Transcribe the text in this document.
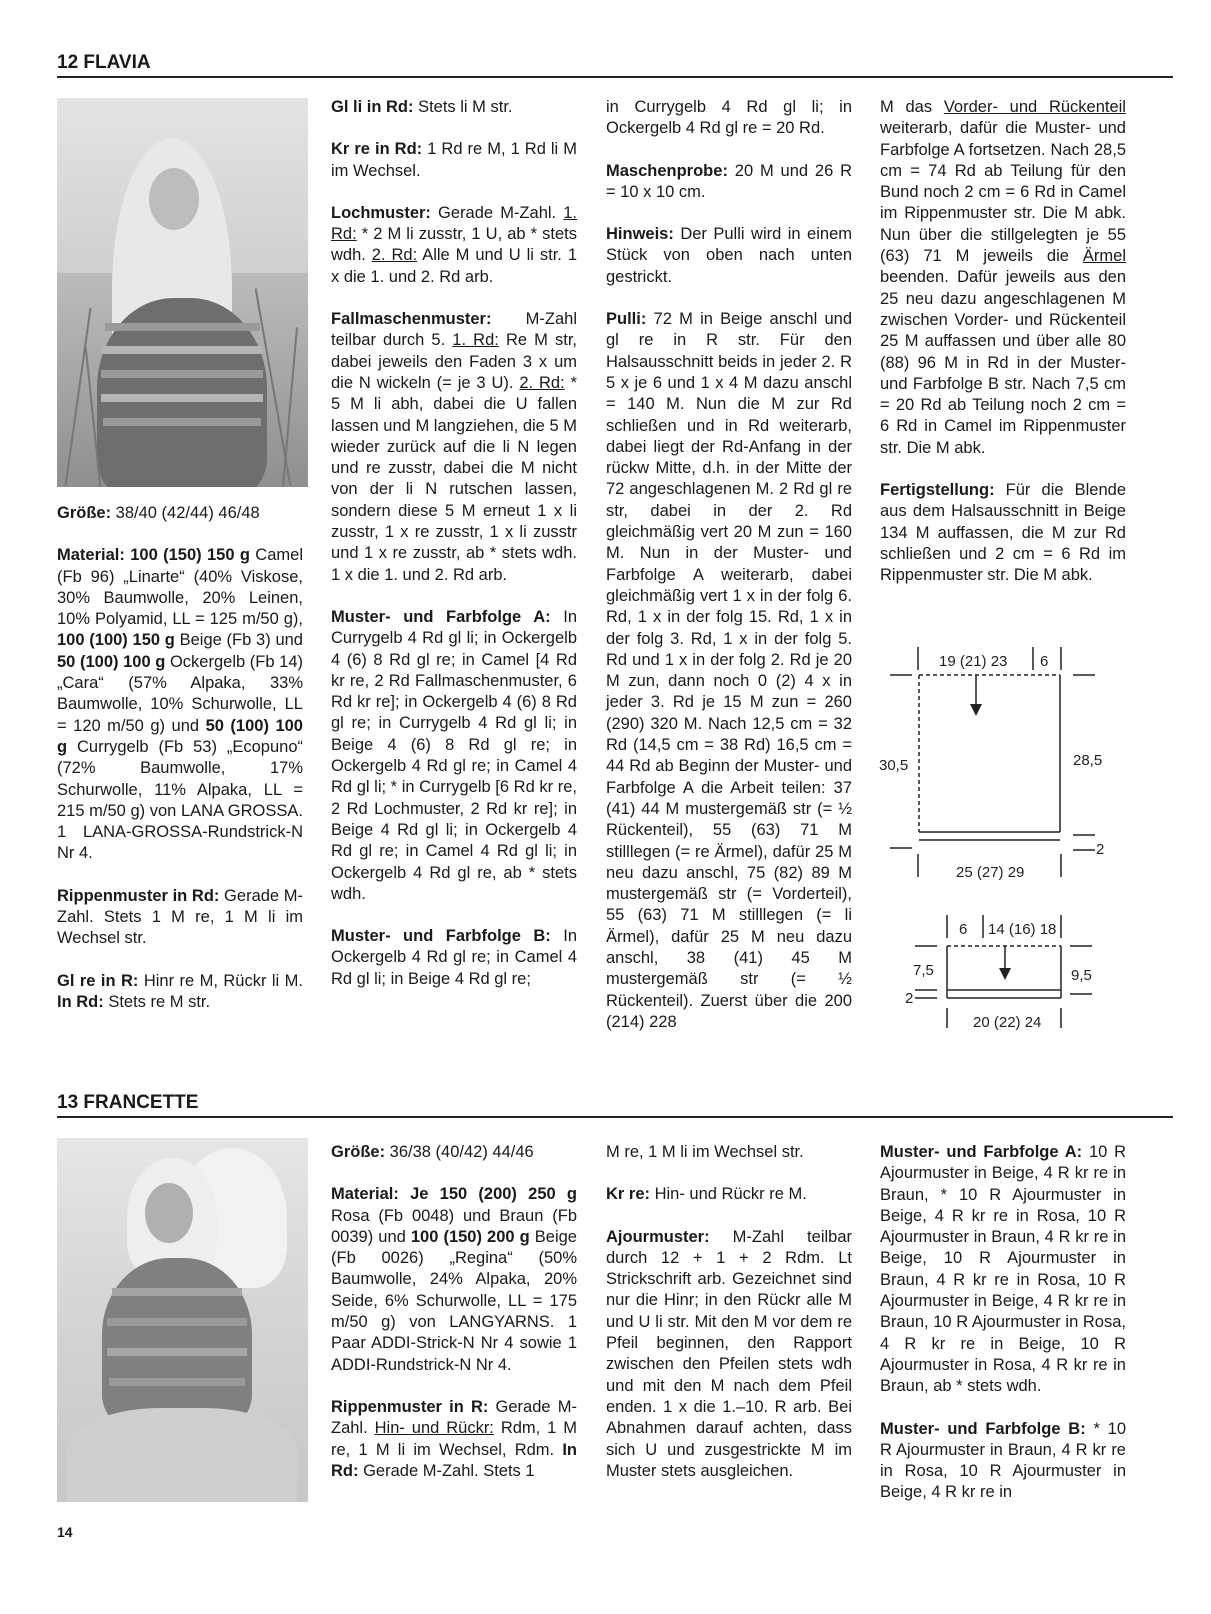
12 FLAVIA

Größe: 38/40 (42/44) 46/48

Material: 100 (150) 150 g Camel (Fb 96) „Linarte“ (40% Viskose, 30% Baumwolle, 20% Leinen, 10% Polyamid, LL = 125 m/50 g), 100 (100) 150 g Beige (Fb 3) und 50 (100) 100 g Ockergelb (Fb 14) „Cara“ (57% Alpaka, 33% Baumwolle, 10% Schurwolle, LL = 120 m/50 g) und 50 (100) 100 g Currygelb (Fb 53) „Ecopuno“ (72% Baumwolle, 17% Schurwolle, 11% Alpaka, LL = 215 m/50 g) von LANA GROSSA. 1 LANA-GROSSA-Rundstrick-N Nr 4.

Rippenmuster in Rd: Gerade M-Zahl. Stets 1 M re, 1 M li im Wechsel str.

Gl re in R: Hinr re M, Rückr li M. In Rd: Stets re M str.

Gl li in Rd: Stets li M str.

Kr re in Rd: 1 Rd re M, 1 Rd li M im Wechsel.

Lochmuster: Gerade M-Zahl. 1. Rd: * 2 M li zusstr, 1 U, ab * stets wdh. 2. Rd: Alle M und U li str. 1 x die 1. und 2. Rd arb.

Fallmaschenmuster: M-Zahl teilbar durch 5. 1. Rd: Re M str, dabei jeweils den Faden 3 x um die N wickeln (= je 3 U). 2. Rd: * 5 M li abh, dabei die U fallen lassen und M langziehen, die 5 M wieder zurück auf die li N legen und re zusstr, dabei die M nicht von der li N rutschen lassen, sondern diese 5 M erneut 1 x li zusstr, 1 x re zusstr, 1 x li zusstr und 1 x re zusstr, ab * stets wdh. 1 x die 1. und 2. Rd arb.

Muster- und Farbfolge A: In Currygelb 4 Rd gl li; in Ockergelb 4 (6) 8 Rd gl re; in Camel [4 Rd kr re, 2 Rd Fallmaschenmuster, 6 Rd kr re]; in Ockergelb 4 (6) 8 Rd gl re; in Currygelb 4 Rd gl li; in Beige 4 (6) 8 Rd gl re; in Ockergelb 4 Rd gl re; in Camel 4 Rd gl li; * in Currygelb [6 Rd kr re, 2 Rd Lochmuster, 2 Rd kr re]; in Beige 4 Rd gl li; in Ockergelb 4 Rd gl re; in Camel 4 Rd gl li; in Ockergelb 4 Rd gl re, ab * stets wdh.

Muster- und Farbfolge B: In Ockergelb 4 Rd gl re; in Camel 4 Rd gl li; in Beige 4 Rd gl re;

in Currygelb 4 Rd gl li; in Ockergelb 4 Rd gl re = 20 Rd.

Maschenprobe: 20 M und 26 R = 10 x 10 cm.

Hinweis: Der Pulli wird in einem Stück von oben nach unten gestrickt.

Pulli: 72 M in Beige anschl und gl re in R str. Für den Halsausschnitt beids in jeder 2. R 5 x je 6 und 1 x 4 M dazu anschl = 140 M. Nun die M zur Rd schließen und in Rd weiterarb, dabei liegt der Rd-Anfang in der rückw Mitte, d.h. in der Mitte der 72 angeschlagenen M. 2 Rd gl re str, dabei in der 2. Rd gleichmäßig vert 20 M zun = 160 M. Nun in der Muster- und Farbfolge A weiterarb, dabei gleichmäßig vert 1 x in der folg 6. Rd, 1 x in der folg 15. Rd, 1 x in der folg 3. Rd, 1 x in der folg 5. Rd und 1 x in der folg 2. Rd je 20 M zun, dann noch 0 (2) 4 x in jeder 3. Rd je 15 M zun = 260 (290) 320 M. Nach 12,5 cm = 32 Rd (14,5 cm = 38 Rd) 16,5 cm = 44 Rd ab Beginn der Muster- und Farbfolge A die Arbeit teilen: 37 (41) 44 M mustergemäß str (= ½ Rückenteil), 55 (63) 71 M stilllegen (= re Ärmel), dafür 25 M neu dazu anschl, 75 (82) 89 M mustergemäß str (= Vorderteil), 55 (63) 71 M stilllegen (= li Ärmel), dafür 25 M neu dazu anschl, 38 (41) 45 M mustergemäß str (= ½ Rückenteil). Zuerst über die 200 (214) 228

M das Vorder- und Rückenteil weiterarb, dafür die Muster- und Farbfolge A fortsetzen. Nach 28,5 cm = 74 Rd ab Teilung für den Bund noch 2 cm = 6 Rd in Camel im Rippenmuster str. Die M abk. Nun über die stillgelegten je 55 (63) 71 M jeweils die Ärmel beenden. Dafür jeweils aus den 25 neu dazu angeschlagenen M zwischen Vorder- und Rückenteil 25 M auffassen und über alle 80 (88) 96 M in Rd in der Muster- und Farbfolge B str. Nach 7,5 cm = 20 Rd ab Teilung noch 2 cm = 6 Rd in Camel im Rippenmuster str. Die M abk.

Fertigstellung: Für die Blende aus dem Halsausschnitt in Beige 134 M auffassen, die M zur Rd schließen und 2 cm = 6 Rd im Rippenmuster str. Die M abk.

19 (21) 23 6
30,5	28,5
2
25 (27) 29
6 14 (16) 18
7,5	9,5
2
20 (22) 24
13 FRANCETTE

Größe: 36/38 (40/42) 44/46

Material: Je 150 (200) 250 g Rosa (Fb 0048) und Braun (Fb 0039) und 100 (150) 200 g Beige (Fb 0026) „Regina“ (50% Baumwolle, 24% Alpaka, 20% Seide, 6% Schurwolle, LL = 175 m/50 g) von LANGYARNS. 1 Paar ADDI-Strick-N Nr 4 sowie 1 ADDI-Rundstrick-N Nr 4.

Rippenmuster in R: Gerade M-Zahl. Hin- und Rückr: Rdm, 1 M re, 1 M li im Wechsel, Rdm. In Rd: Gerade M-Zahl. Stets 1

M re, 1 M li im Wechsel str.

Kr re: Hin- und Rückr re M.

Ajourmuster: M-Zahl teilbar durch 12 + 1 + 2 Rdm. Lt Strickschrift arb. Gezeichnet sind nur die Hinr; in den Rückr alle M und U li str. Mit den M vor dem re Pfeil beginnen, den Rapport zwischen den Pfeilen stets wdh und mit den M nach dem Pfeil enden. 1 x die 1.–10. R arb. Bei Abnahmen darauf achten, dass sich U und zusgestrickte M im Muster stets ausgleichen.

Muster- und Farbfolge A: 10 R Ajourmuster in Beige, 4 R kr re in Braun, * 10 R Ajourmuster in Beige, 4 R kr re in Rosa, 10 R Ajourmuster in Braun, 4 R kr re in Beige, 10 R Ajourmuster in Braun, 4 R kr re in Rosa, 10 R Ajourmuster in Beige, 4 R kr re in Braun, 10 R Ajourmuster in Rosa, 4 R kr re in Beige, 10 R Ajourmuster in Rosa, 4 R kr re in Braun, ab * stets wdh.

Muster- und Farbfolge B: * 10 R Ajourmuster in Braun, 4 R kr re in Rosa, 10 R Ajourmuster in Beige, 4 R kr re in

14
